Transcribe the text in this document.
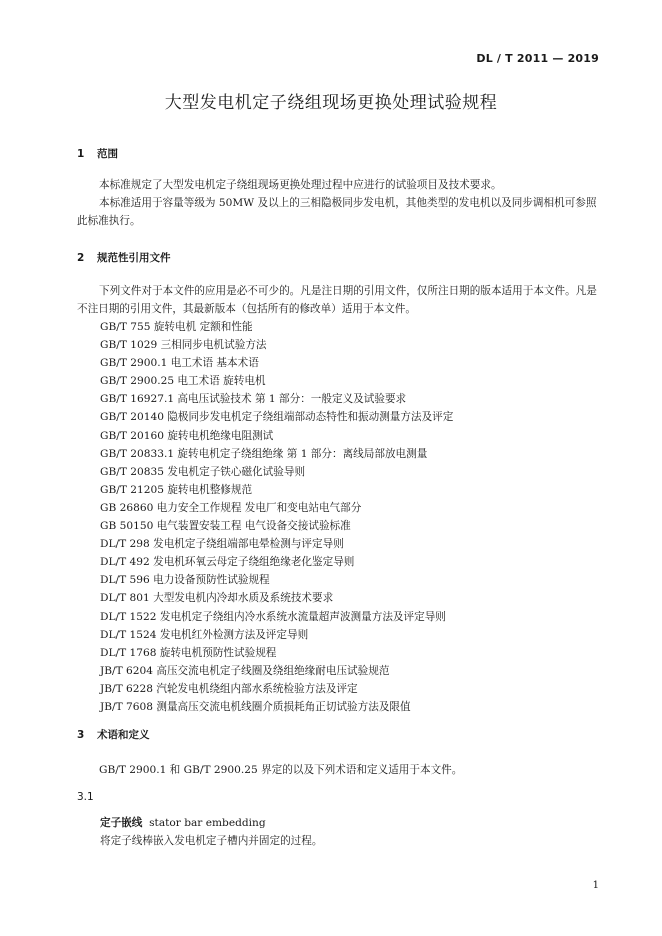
DL / T 2011 — 2019
大型发电机定子绕组现场更换处理试验规程
1 范围
本标准规定了大型发电机定子绕组现场更换处理过程中应进行的试验项目及技术要求。
本标准适用于容量等级为 50MW 及以上的三相隐极同步发电机，其他类型的发电机以及同步调相机可参照此标准执行。
2 规范性引用文件
下列文件对于本文件的应用是必不可少的。凡是注日期的引用文件，仅所注日期的版本适用于本文件。凡是不注日期的引用文件，其最新版本（包括所有的修改单）适用于本文件。
GB/T 755 旋转电机 定额和性能
GB/T 1029 三相同步电机试验方法
GB/T 2900.1 电工术语 基本术语
GB/T 2900.25 电工术语 旋转电机
GB/T 16927.1 高电压试验技术 第 1 部分：一般定义及试验要求
GB/T 20140 隐极同步发电机定子绕组端部动态特性和振动测量方法及评定
GB/T 20160 旋转电机绝缘电阻测试
GB/T 20833.1 旋转电机定子绕组绝缘 第 1 部分：离线局部放电测量
GB/T 20835 发电机定子铁心磁化试验导则
GB/T 21205 旋转电机整修规范
GB 26860 电力安全工作规程 发电厂和变电站电气部分
GB 50150 电气装置安装工程 电气设备交接试验标准
DL/T 298 发电机定子绕组端部电晕检测与评定导则
DL/T 492 发电机环氧云母定子绕组绝缘老化鉴定导则
DL/T 596 电力设备预防性试验规程
DL/T 801 大型发电机内冷却水质及系统技术要求
DL/T 1522 发电机定子绕组内冷水系统水流量超声波测量方法及评定导则
DL/T 1524 发电机红外检测方法及评定导则
DL/T 1768 旋转电机预防性试验规程
JB/T 6204 高压交流电机定子线圈及绕组绝缘耐电压试验规范
JB/T 6228 汽轮发电机绕组内部水系统检验方法及评定
JB/T 7608 测量高压交流电机线圈介质损耗角正切试验方法及限值
3 术语和定义
GB/T 2900.1 和 GB/T 2900.25 界定的以及下列术语和定义适用于本文件。
3.1
定子嵌线 stator bar embedding
将定子线棒嵌入发电机定子槽内并固定的过程。
1
